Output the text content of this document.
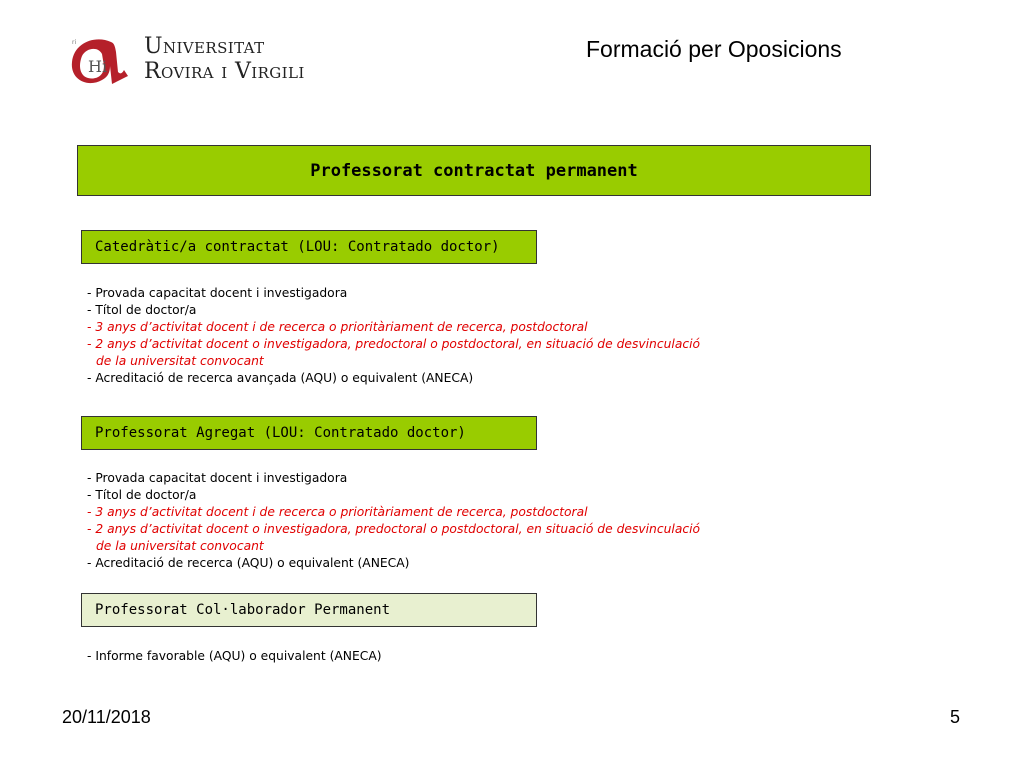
Hi
ri	Universitat
Rovira i Virgili
Formació per Oposicions
Professorat contractat permanent
Catedràtic/a contractat (LOU: Contratado doctor)
- Provada capacitat docent i investigadora
- Títol de doctor/a
- 3 anys d’activitat docent i de recerca o prioritàriament de recerca, postdoctoral
- 2 anys d’activitat docent o investigadora, predoctoral o postdoctoral, en situació de desvinculació
de la universitat convocant
- Acreditació de recerca avançada (AQU) o equivalent (ANECA)
Professorat Agregat (LOU: Contratado doctor)
- Provada capacitat docent i investigadora
- Títol de doctor/a
- 3 anys d’activitat docent i de recerca o prioritàriament de recerca, postdoctoral
- 2 anys d’activitat docent o investigadora, predoctoral o postdoctoral, en situació de desvinculació
de la universitat convocant
- Acreditació de recerca (AQU) o equivalent (ANECA)
Professorat Col·laborador Permanent
- Informe favorable (AQU) o equivalent (ANECA)
20/11/2018	5
